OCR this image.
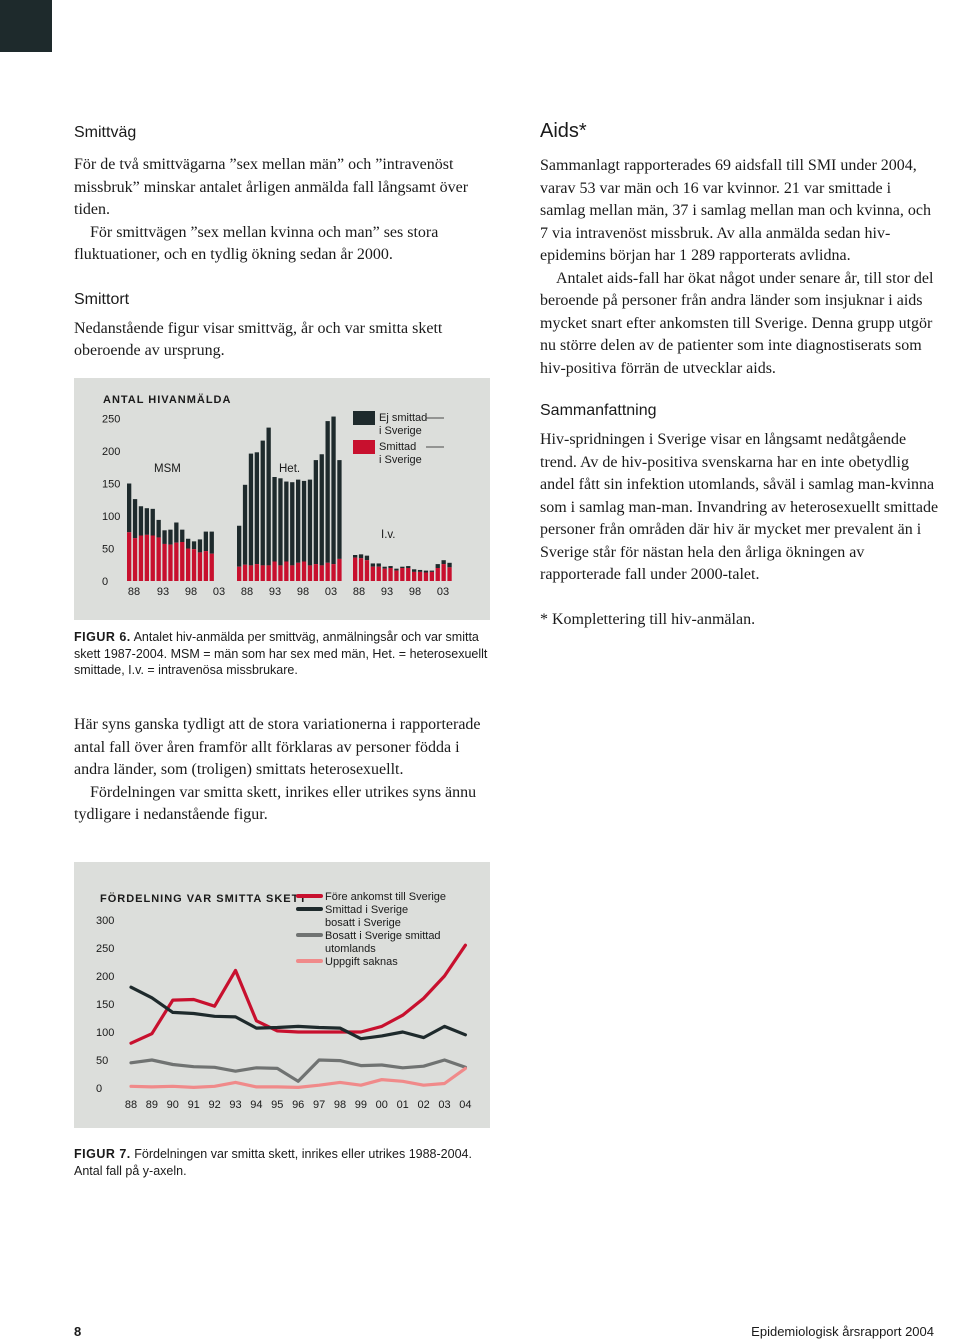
Smittväg

För de två smittvägarna ”sex mellan män” och ”intravenöst missbruk” minskar antalet årligen anmälda fall långsamt över tiden.

För smittvägen ”sex mellan kvinna och man” ses stora fluktuationer, och en tydlig ökning sedan år 2000.

Smittort

Nedanstående figur visar smittväg, år och var smitta skett oberoende av ursprung.

ANTAL HIVANMÄLDA
250
200
150
100
50
0
MSM	Het.
I.v.
88 93 98 03 88 93 98 03 88 93 98 03
Ej smittad
i Sverige
Smittad
i Sverige
FIGUR 6. Antalet hiv-anmälda per smittväg, anmälningsår och var smitta skett 1987-2004. MSM = män som har sex med män, Het. = heterosexuellt smittade, I.v. = intravenösa missbrukare.

Här syns ganska tydligt att de stora variationerna i rapporterade antal fall över åren framför allt förklaras av personer födda i andra länder, som (troligen) smittats heterosexuellt.

Fördelningen var smitta skett, inrikes eller utrikes syns ännu tydligare i nedanstående figur.

FÖRDELNING VAR SMITTA SKETT
300
250
200
150
100
50
0
88 89 90 91 92 93 94 95 96 97 98 99 00 01 02 03 04
Före ankomst till Sverige
Smittad i Sverige
bosatt i Sverige
Bosatt i Sverige smittad
utomlands
Uppgift saknas
FIGUR 7. Fördelningen var smitta skett, inrikes eller utrikes 1988-2004. Antal fall på y-axeln.
Aids*

Sammanlagt rapporterades 69 aidsfall till SMI under 2004, varav 53 var män och 16 var kvinnor. 21 var smittade i samlag mellan män, 37 i samlag mellan man och kvinna, och 7 via intravenöst missbruk. Av alla anmälda sedan hiv-epidemins början har 1 289 rapporterats avlidna.

Antalet aids-fall har ökat något under senare år, till stor del beroende på personer från andra länder som insjuknar i aids mycket snart efter ankomsten till Sverige. Denna grupp utgör nu större delen av de patienter som inte diagnostiserats som hiv-positiva förrän de utvecklar aids.

Sammanfattning

Hiv-spridningen i Sverige visar en långsamt nedåtgående trend. Av de hiv-positiva svenskarna har en inte obetydlig andel fått sin infektion utomlands, såväl i samlag man-kvinna som i samlag man-man. Invandring av heterosexuellt smittade personer från områden där hiv är mycket mer prevalent än i Sverige står för nästan hela den årliga ökningen av rapporterade fall under 2000-talet.

* Komplettering till hiv-anmälan.

8	Epidemiologisk årsrapport 2004
